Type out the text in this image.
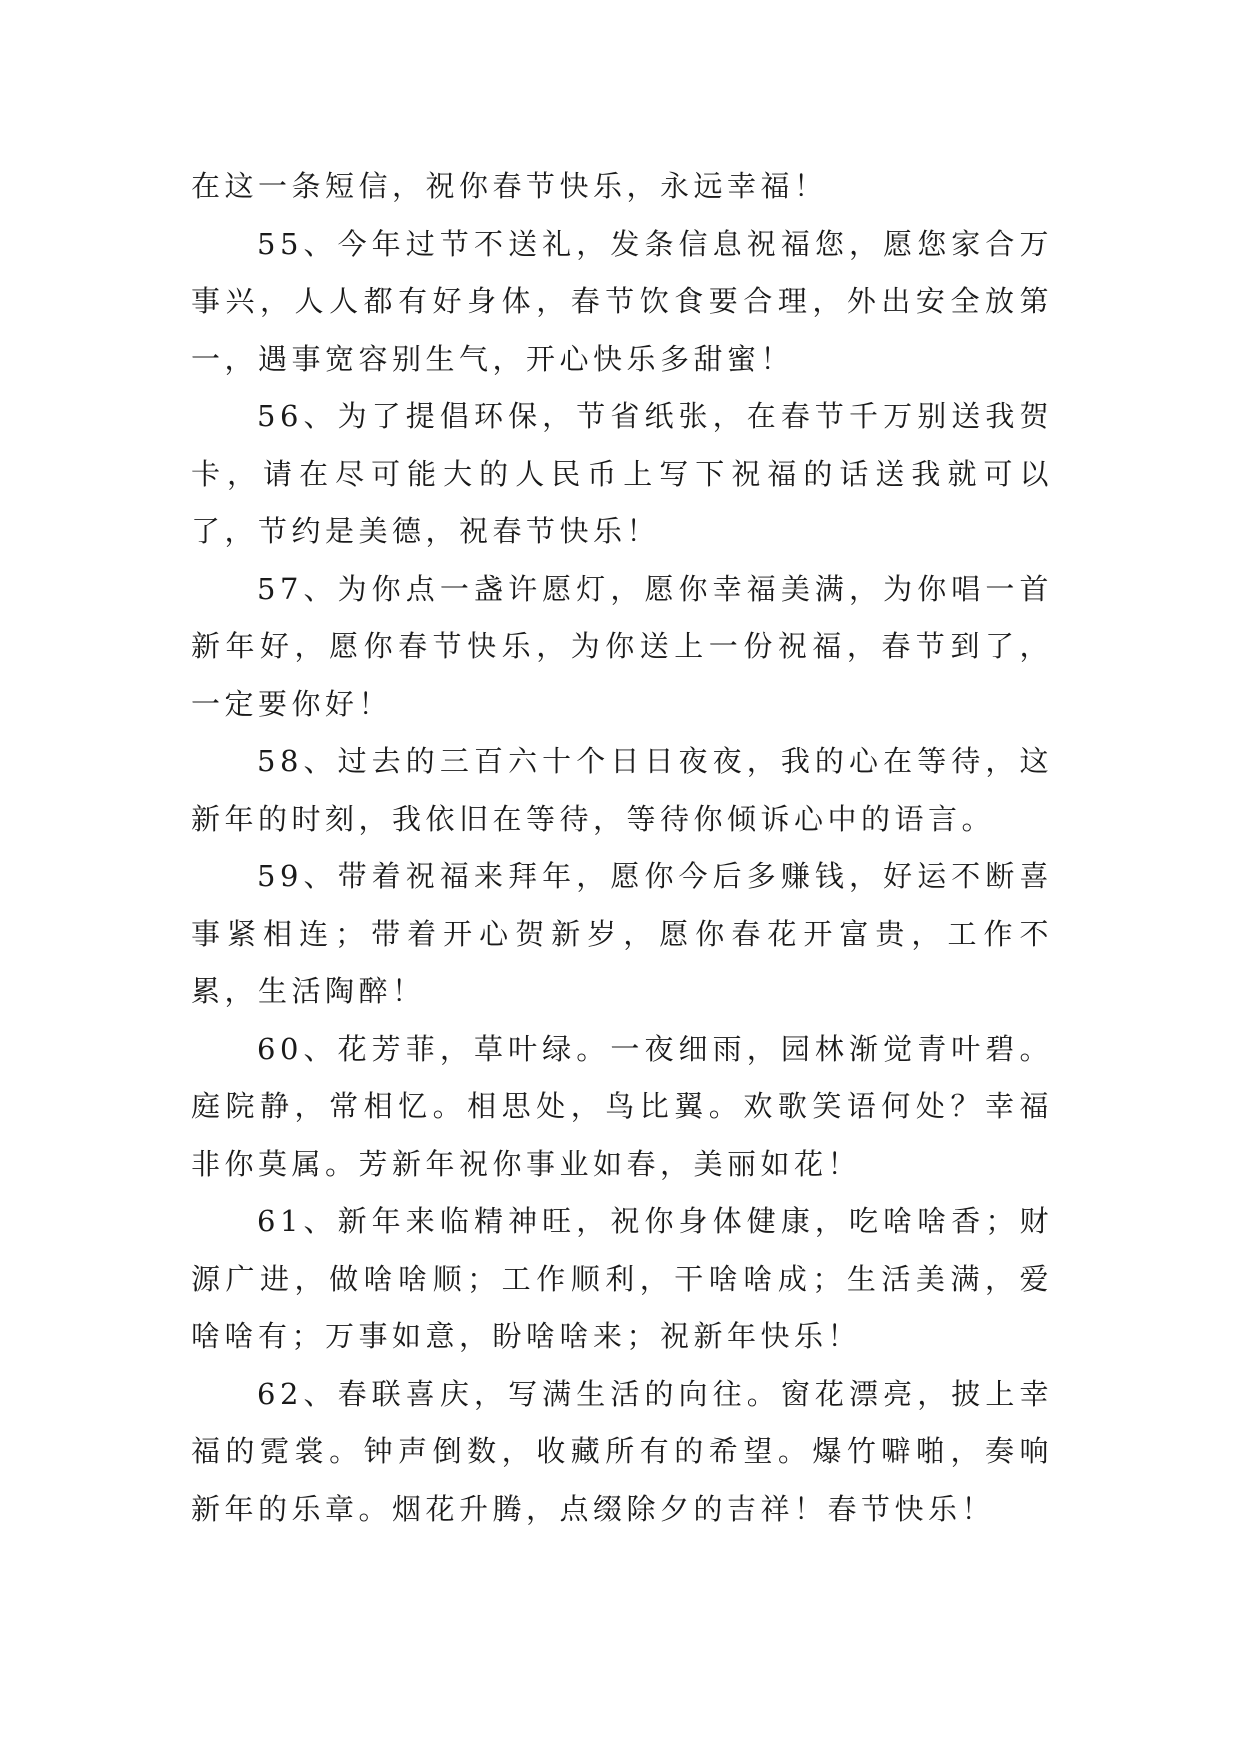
在这一条短信，祝你春节快乐，永远幸福！

55、今年过节不送礼，发条信息祝福您，愿您家合万事兴，人人都有好身体，春节饮食要合理，外出安全放第一，遇事宽容别生气，开心快乐多甜蜜！

56、为了提倡环保，节省纸张，在春节千万别送我贺卡，请在尽可能大的人民币上写下祝福的话送我就可以了，节约是美德，祝春节快乐！

57、为你点一盏许愿灯，愿你幸福美满，为你唱一首新年好，愿你春节快乐，为你送上一份祝福，春节到了，一定要你好！

58、过去的三百六十个日日夜夜，我的心在等待，这新年的时刻，我依旧在等待，等待你倾诉心中的语言。

59、带着祝福来拜年，愿你今后多赚钱，好运不断喜事紧相连；带着开心贺新岁，愿你春花开富贵，工作不累，生活陶醉！

60、花芳菲，草叶绿。一夜细雨，园林渐觉青叶碧。庭院静，常相忆。相思处，鸟比翼。欢歌笑语何处？幸福非你莫属。芳新年祝你事业如春，美丽如花！

61、新年来临精神旺，祝你身体健康，吃啥啥香；财源广进，做啥啥顺；工作顺利，干啥啥成；生活美满，爱啥啥有；万事如意，盼啥啥来；祝新年快乐！

62、春联喜庆，写满生活的向往。窗花漂亮，披上幸福的霓裳。钟声倒数，收藏所有的希望。爆竹噼啪，奏响新年的乐章。烟花升腾，点缀除夕的吉祥！春节快乐！
